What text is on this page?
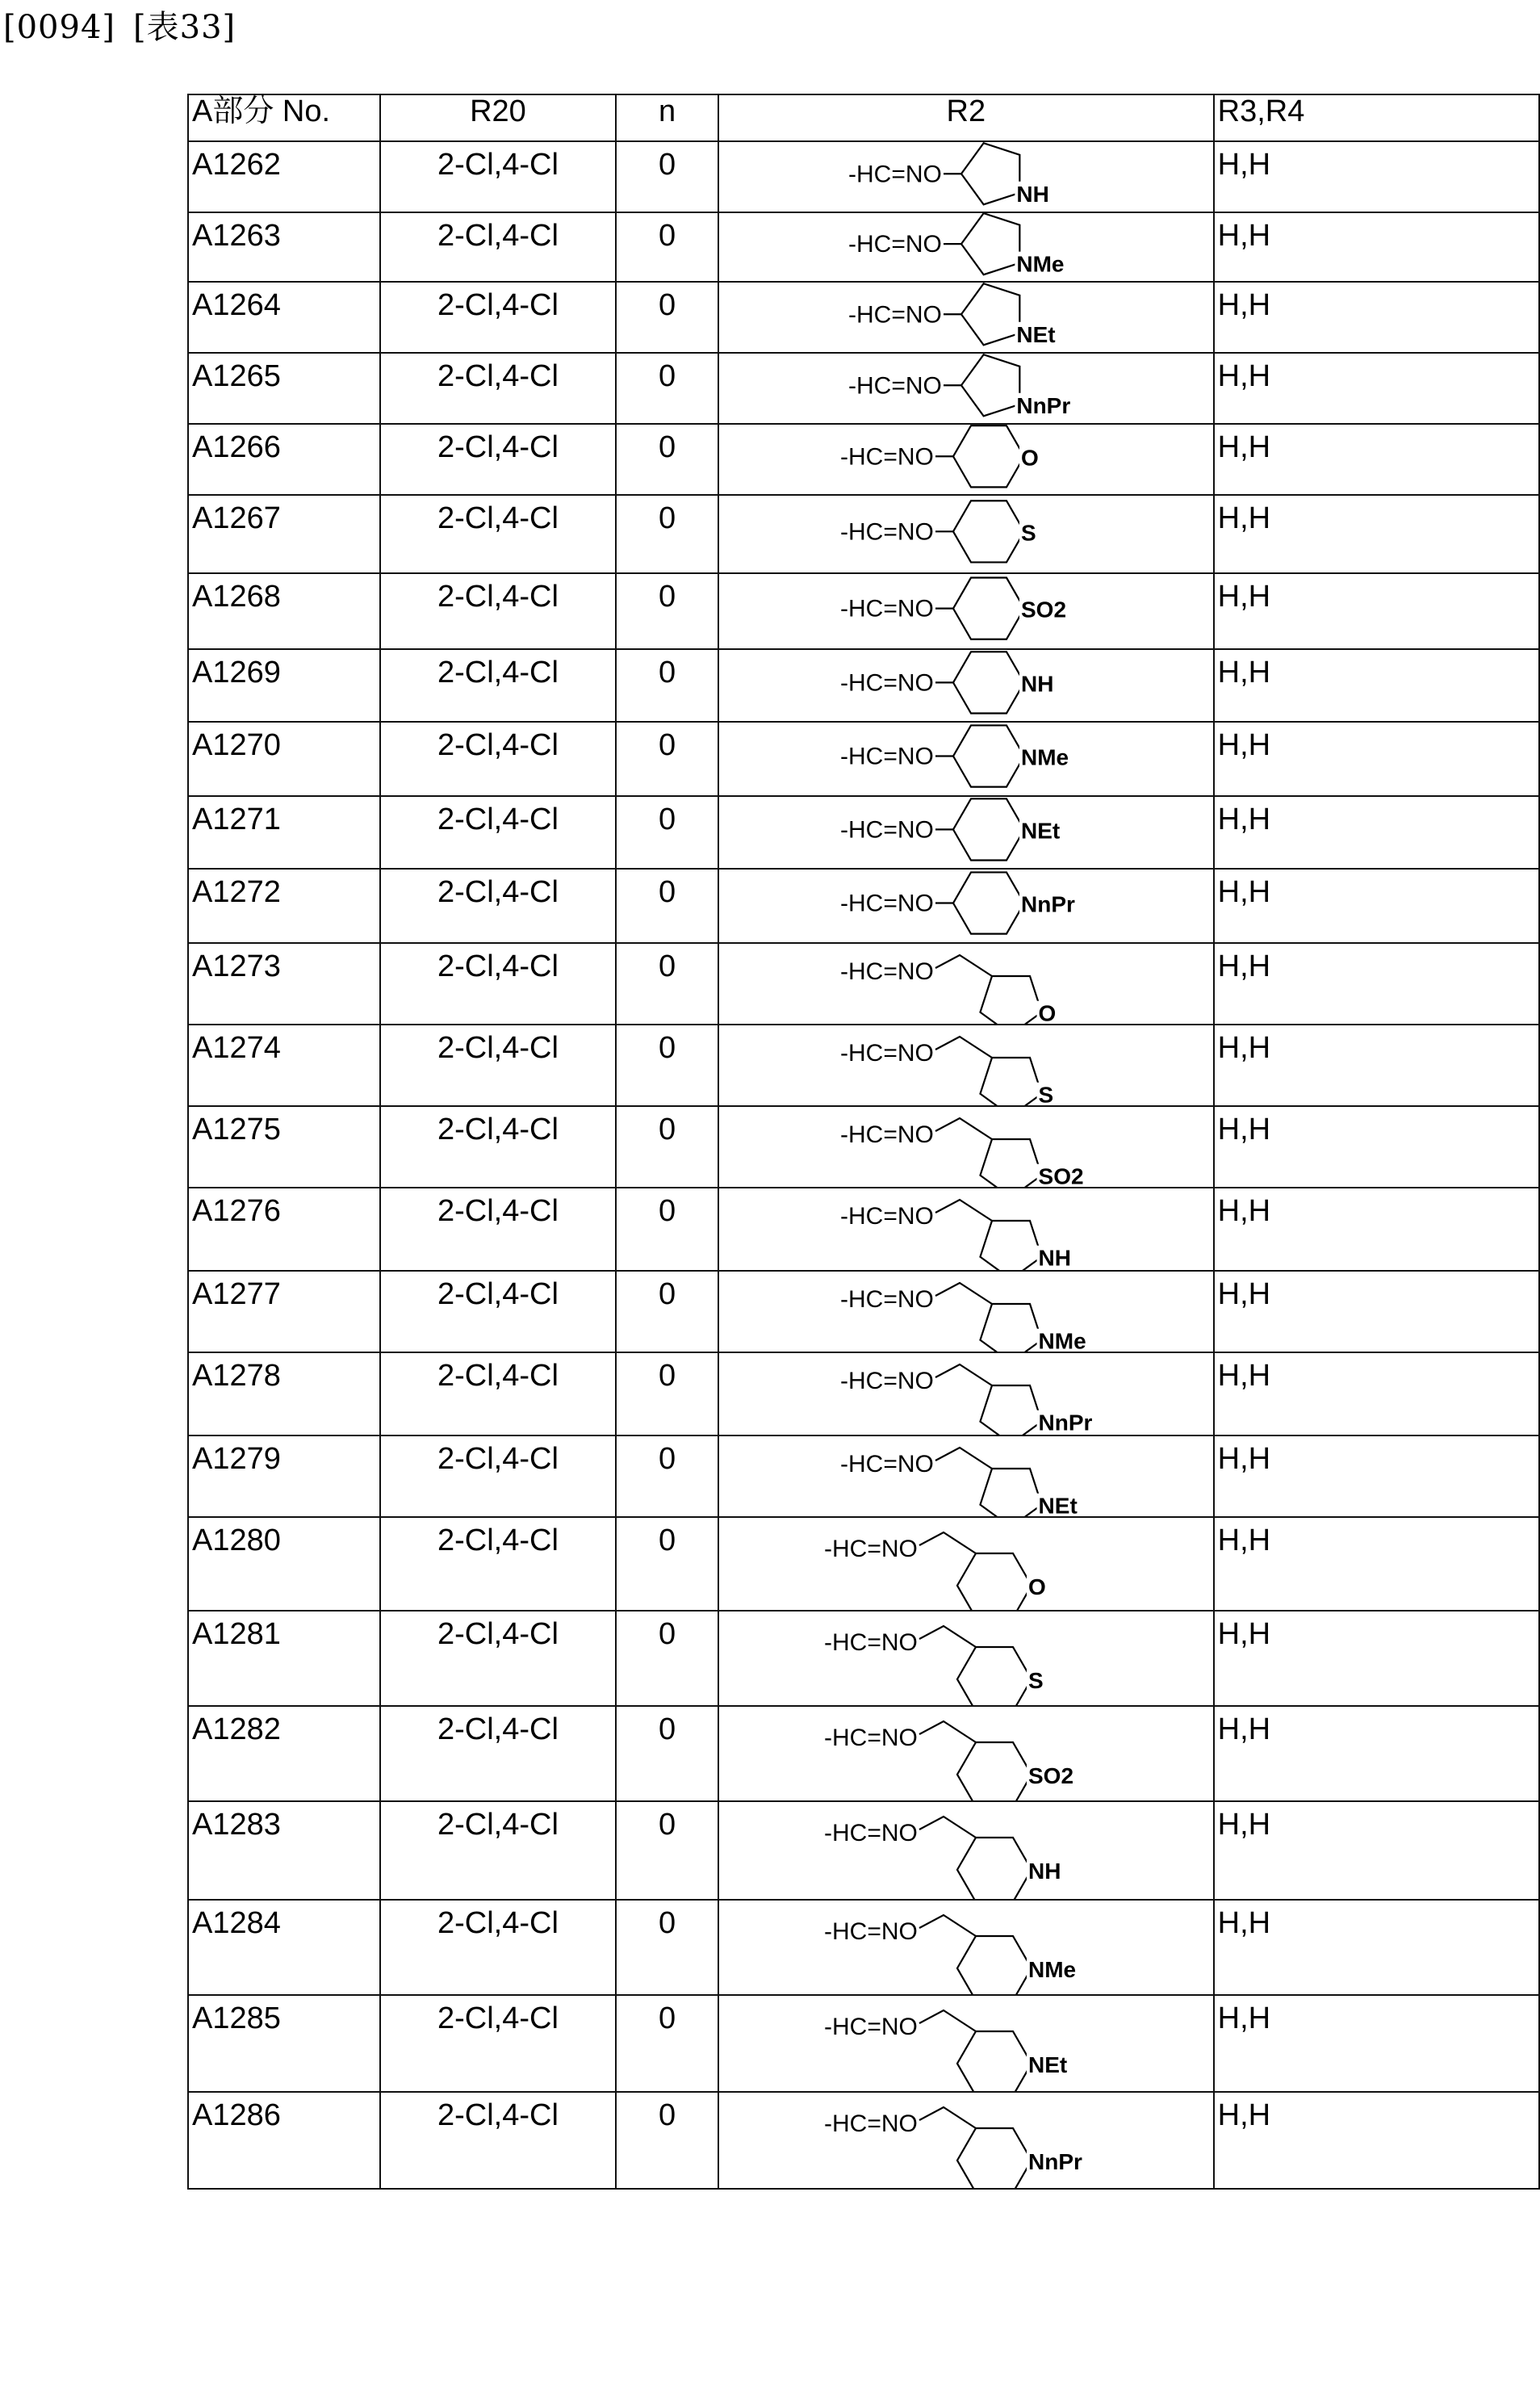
[0094] [表33]
A部分 No.	R20	n	R2	R3,R4
A1262	2-Cl,4-Cl	0	-HC=NO
NH
	H,H
A1263	2-Cl,4-Cl	0	-HC=NO
NMe
	H,H
A1264	2-Cl,4-Cl	0	-HC=NO
NEt
	H,H
A1265	2-Cl,4-Cl	0	-HC=NO
NnPr
	H,H
A1266	2-Cl,4-Cl	0	-HC=NO	O	H,H
A1267	2-Cl,4-Cl	0	-HC=NO	S	H,H
A1268	2-Cl,4-Cl	0	-HC=NO	SO2	H,H
A1269	2-Cl,4-Cl	0	-HC=NO	NH	H,H
A1270	2-Cl,4-Cl	0	-HC=NO	NMe	H,H
A1271	2-Cl,4-Cl	0	-HC=NO	NEt	H,H
A1272	2-Cl,4-Cl	0	-HC=NO	NnPr	H,H
A1273	2-Cl,4-Cl	0	-HC=NO
O
	H,H
A1274	2-Cl,4-Cl	0	-HC=NO
S
	H,H
A1275	2-Cl,4-Cl	0	-HC=NO
SO2
	H,H
A1276	2-Cl,4-Cl	0	-HC=NO
NH
	H,H
A1277	2-Cl,4-Cl	0	-HC=NO
NMe
	H,H
A1278	2-Cl,4-Cl	0	-HC=NO
NnPr
	H,H
A1279	2-Cl,4-Cl	0	-HC=NO
NEt
	H,H
A1280	2-Cl,4-Cl	0	-HC=NO
O
	H,H
A1281	2-Cl,4-Cl	0	-HC=NO
S
	H,H
A1282	2-Cl,4-Cl	0	-HC=NO
SO2
	H,H
A1283	2-Cl,4-Cl	0	-HC=NO
NH
	H,H
A1284	2-Cl,4-Cl	0	-HC=NO
NMe
	H,H
A1285	2-Cl,4-Cl	0	-HC=NO
NEt
	H,H
A1286	2-Cl,4-Cl	0	-HC=NO
NnPr
	H,H
